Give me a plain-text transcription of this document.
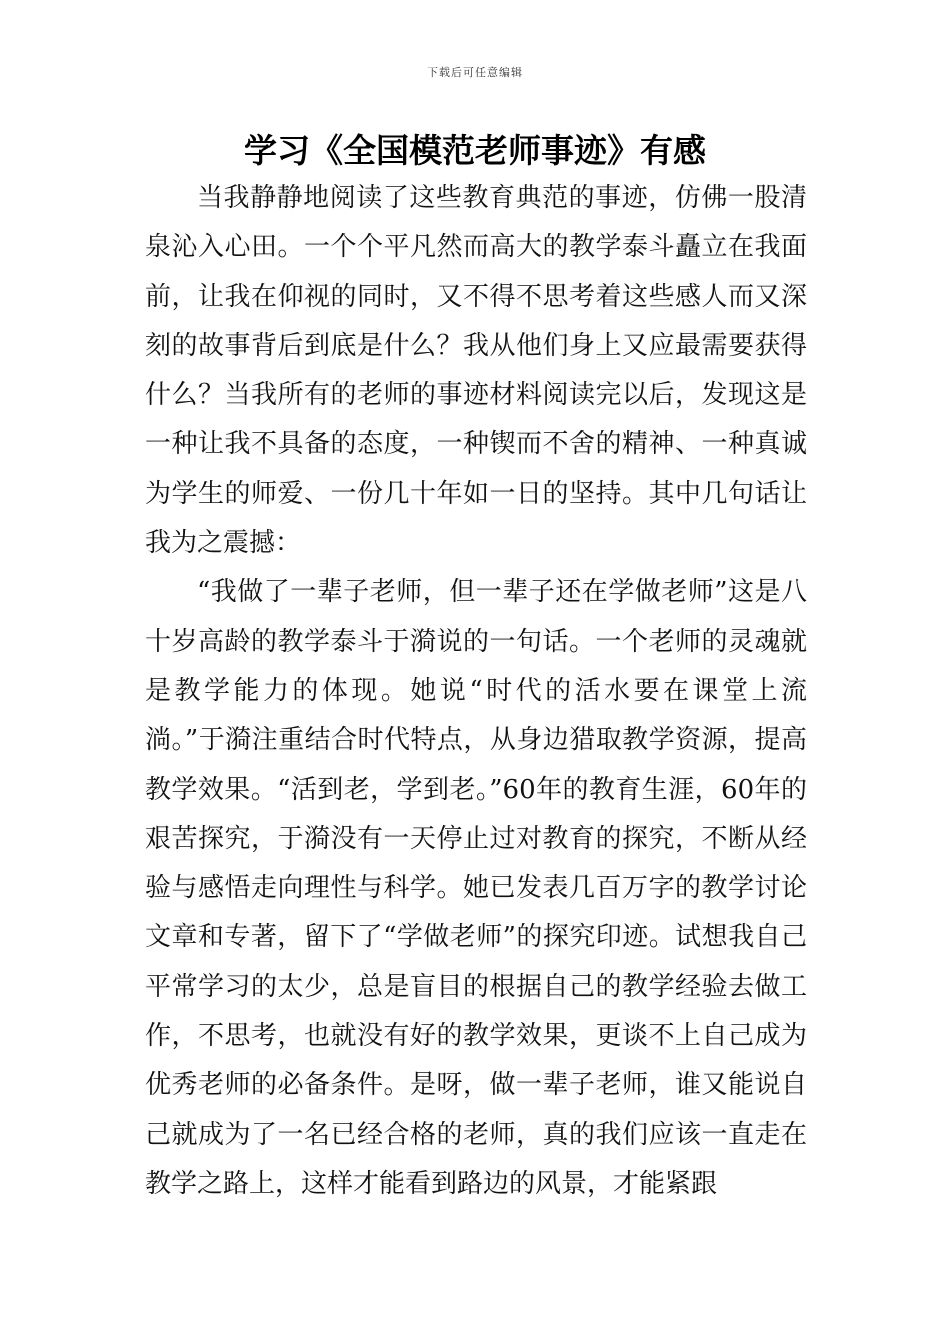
下载后可任意编辑
学习《全国模范老师事迹》有感

当我静静地阅读了这些教育典范的事迹，仿佛一股清泉沁入心田。一个个平凡然而高大的教学泰斗矗立在我面前，让我在仰视的同时，又不得不思考着这些感人而又深刻的故事背后到底是什么？我从他们身上又应最需要获得什么？当我所有的老师的事迹材料阅读完以后，发现这是一种让我不具备的态度，一种锲而不舍的精神、一种真诚为学生的师爱、一份几十年如一日的坚持。其中几句话让我为之震撼：

“我做了一辈子老师，但一辈子还在学做老师”这是八十岁高龄的教学泰斗于漪说的一句话。一个老师的灵魂就是教学能力的体现。她说“时代的活水要在课堂上流淌。”于漪注重结合时代特点，从身边猎取教学资源，提高教学效果。“活到老，学到老。”60年的教育生涯，60年的艰苦探究，于漪没有一天停止过对教育的探究，不断从经验与感悟走向理性与科学。她已发表几百万字的教学讨论文章和专著，留下了“学做老师”的探究印迹。试想我自己平常学习的太少，总是盲目的根据自己的教学经验去做工作，不思考，也就没有好的教学效果，更谈不上自己成为优秀老师的必备条件。是呀，做一辈子老师，谁又能说自己就成为了一名已经合格的老师，真的我们应该一直走在教学之路上，这样才能看到路边的风景，才能紧跟
